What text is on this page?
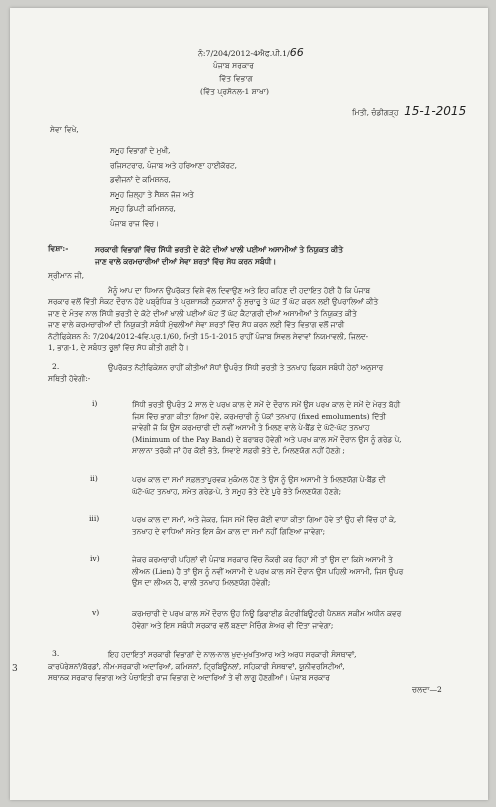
ਨੰ:7/204/2012-4ਐਫ.ਪੀ.1/66
ਪੰਜਾਬ ਸਰਕਾਰ
ਵਿੱਤ ਵਿਭਾਗ
(ਵਿੱਤ ਪ੍ਰਸੋਨਲ-1 ਸ਼ਾਖਾ)
ਮਿਤੀ, ਚੰਡੀਗੜ੍ਹ 15-1-2015
ਸੇਵਾ ਵਿਖੇ,
ਸਮੂਹ ਵਿਭਾਗਾਂ ਦੇ ਮੁਖੀ,
ਰਜਿਸਟਰਾਰ, ਪੰਜਾਬ ਅਤੇ ਹਰਿਆਣਾ ਹਾਈਕੋਰਟ,
ਡਵੀਜਨਾਂ ਦੇ ਕਮਿਸ਼ਨਰ,
ਸਮੂਹ ਜ਼ਿਲ੍ਹਾ ਤੇ ਸੈਸ਼ਨ ਜੱਜ ਅਤੇ
ਸਮੂਹ ਡਿਪਟੀ ਕਮਿਸ਼ਨਰ,
ਪੰਜਾਬ ਰਾਜ ਵਿੱਚ।
ਵਿਸ਼ਾ:-	ਸਰਕਾਰੀ ਵਿਭਾਗਾਂ ਵਿੱਚ ਸਿੱਧੀ ਭਰਤੀ ਦੇ ਕੋਟੇ ਦੀਆਂ ਖਾਲੀ ਪਈਆਂ ਅਸਾਮੀਆਂ ਤੇ ਨਿਯੁਕਤ ਕੀਤੇ
ਜਾਣ ਵਾਲੇ ਕਰਮਚਾਰੀਆਂ ਦੀਆਂ ਸੇਵਾ ਸ਼ਰਤਾਂ ਵਿੱਚ ਸੋਧ ਕਰਨ ਸਬੰਧੀ।
ਸ੍ਰੀਮਾਨ ਜੀ,
ਮੈਨੂੰ ਆਪ ਦਾ ਧਿਆਨ ਉਪਰੋਕਤ ਵਿਸ਼ੇ ਵੱਲ ਦਿਵਾਉਣ ਅਤੇ ਇਹ ਕਹਿਣ ਦੀ ਹਦਾਇਤ ਹੋਈ ਹੈ ਕਿ ਪੰਜਾਬ
ਸਰਕਾਰ ਵਲੋਂ ਵਿੱਤੀ ਸੰਕਟ ਦੌਰਾਨ ਹੋਏ ਪਬ੍ਰੰਧਿਕ ਤੇ ਪ੍ਰਸ਼ਾਸਕੀ ਨੁਕਸਾਨਾਂ ਨੂੰ ਸੁਚਾਰੂ ਤੇ ਘੱਟ ਤੋਂ ਘੱਟ ਕਰਨ ਲਈ ਉਪਰਾਲਿਆਂ ਕੀਤੇ
ਜਾਣ ਦੇ ਮੰਤਵ ਨਾਲ ਸਿੱਧੀ ਭਰਤੀ ਦੇ ਕੋਟੇ ਦੀਆਂ ਖਾਲੀ ਪਈਆਂ ਘੱਟ ਤੋਂ ਘੱਟ ਕੈਟਾਗਰੀ ਦੀਆਂ ਅਸਾਮੀਆਂ ਤੇ ਨਿਯੁਕਤ ਕੀਤੇ
ਜਾਣ ਵਾਲੇ ਕਰਮਚਾਰੀਆਂ ਦੀ ਨਿਯੁਕਤੀ ਸਬੰਧੀ ਮੁੱਢਲੀਆਂ ਸੇਵਾ ਸ਼ਰਤਾਂ ਵਿੱਚ ਸੋਧ ਕਰਨ ਲਈ ਵਿੱਤ ਵਿਭਾਗ ਵਲੋਂ ਜਾਰੀ
ਨੋਟੀਫਿਕੇਸ਼ਨ ਨੰ: 7/204/2012-4ਵਿ.ਪ੍ਰ.1/60, ਮਿਤੀ 15-1-2015 ਰਾਹੀਂ ਪੰਜਾਬ ਸਿਵਲ ਸੇਵਾਵਾਂ ਨਿਯਮਾਵਲੀ, ਜਿਲਦ-
1, ਭਾਗ-1, ਦੇ ਸਬੰਧਤ ਰੂਲਾਂ ਵਿੱਚ ਸੋਧ ਕੀਤੀ ਗਈ ਹੈ।
2.	ਉਪਰੋਕਤ ਨੋਟੀਫਿਕੇਸ਼ਨ ਰਾਹੀਂ ਕੀਤੀਆਂ ਸੋਧਾਂ ਉਪਰੰਤ ਸਿੱਧੀ ਭਰਤੀ ਤੇ ਤਨਖਾਹ ਫਿਕਸ ਸਬੰਧੀ ਹੇਠਾਂ ਅਨੁਸਾਰ
ਸਥਿਤੀ ਹੋਵੇਗੀ:-
i)	ਸਿੱਧੀ ਭਰਤੀ ਉਪਰੰਤ 2 ਸਾਲ ਦੇ ਪਰਖ ਕਾਲ ਦੇ ਸਮੇਂ ਦੇ ਦੌਰਾਨ ਸਮੇਂ ਉਸ ਪਰਖ ਕਾਲ ਦੇ ਸਮੇਂ ਦੇ ਮੇਰਤ ਬੋਹੀ
ਜਿਸ ਵਿੱਚ ਭਾਗਾ ਕੀਤਾ ਗਿਆ ਹੋਵੇ, ਕਰਮਚਾਰੀ ਨੂੰ ਪੱਕਾਂ ਤਨਖਾਹ (fixed emoluments) ਦਿੱਤੀ
ਜਾਵੇਗੀ ਜੋ ਕਿ ਉਸ ਕਰਮਚਾਰੀ ਦੀ ਨਵੀਂ ਅਸਾਮੀ ਤੇ ਮਿਲਣ ਵਾਲੇ ਪੇ-ਬੈਂਡ ਦੇ ਘੱਟੋ-ਘੱਟ ਤਨਖਾਹ
(Minimum of the Pay Band) ਦੇ ਬਰਾਬਰ ਹੋਵੇਗੀ ਅਤੇ ਪਰਖ ਕਾਲ ਸਮੇਂ ਦੌਰਾਨ ਉਸ ਨੂੰ ਗਰੇਡ ਪੇ,
ਸਾਲਾਨਾ ਤਰੱਕੀ ਜਾਂ ਹੋਰ ਕੋਈ ਭੱਤੇ, ਸਿਵਾਏ ਸਫ਼ਰੀ ਭੱਤੇ ਦੇ, ਮਿਲਣਯੋਗ ਨਹੀਂ ਹੋਣਗੇ ;
ii)	ਪਰਖ ਕਾਲ ਦਾ ਸਮਾਂ ਸਫ਼ਲਤਾਪੂਰਵਕ ਮੁਕੰਮਲ ਹੋਣ ਤੇ ਉਸ ਨੂੰ ਉਸ ਅਸਾਮੀ ਤੇ ਮਿਲਣਯੋਗ ਪੇ-ਬੈਂਡ ਦੀ
ਘੱਟੋ-ਘੱਟ ਤਨਖਾਹ, ਸਮੇਤ ਗਰੇਡ-ਪੇ, ਤੇ ਸਮੂਹ ਭੱਤੇ ਦੇਣੇ ਪੂਰੇ ਭੱਤੇ ਮਿਲਣਯੋਗ ਹੋਣਗੇ;
iii)	ਪਰਖ ਕਾਲ ਦਾ ਸਮਾਂ, ਅਤੇ ਜੇਕਰ, ਜਿਸ ਸਮੇਂ ਵਿੱਚ ਕੋਈ ਵਾਧਾ ਕੀਤਾ ਗਿਆ ਹੋਵੇ ਤਾਂ ਉਹ ਵੀ ਵਿੱਚ ਹਾਂ ਕੇ,
ਤਨਖਾਹ ਦੇ ਵਾਧਿਆਂ ਸਮੇਤ ਇਸ ਕੰਮ ਕਾਲ ਦਾ ਸਮਾਂ ਨਹੀਂ ਗਿਣਿਆ ਜਾਵੇਗਾ;
iv)	ਜੇਕਰ ਕਰਮਚਾਰੀ ਪਹਿਲਾਂ ਵੀ ਪੰਜਾਬ ਸਰਕਾਰ ਵਿੱਚ ਨੌਕਰੀ ਕਰ ਰਿਹਾ ਸੀ ਤਾਂ ਉਸ ਦਾ ਕਿਸੇ ਅਸਾਮੀ ਤੇ
ਲੀਅਨ (Lien) ਹੈ ਤਾਂ ਉਸ ਨੂੰ ਨਵੀਂ ਅਸਾਮੀ ਦੇ ਪਰਖ ਕਾਲ ਸਮੇਂ ਦੌਰਾਨ ਉਸ ਪਹਿਲੀ ਅਸਾਮੀ, ਜਿਸ ਉਪਰ
ਉਸ ਦਾ ਲੀਅਨ ਹੈ, ਵਾਲੀ ਤਨਖਾਹ ਮਿਲਣਯੋਗ ਹੋਵੇਗੀ;
v)	ਕਰਮਚਾਰੀ ਦੇ ਪਰਖ ਕਾਲ ਸਮੇਂ ਦੌਰਾਨ ਉਹ ਨਿਊ ਡਿਫਾਈਡ ਕੰਟਰੀਬਿਊਟਰੀ ਪੈਨਸ਼ਨ ਸਕੀਮ ਅਧੀਨ ਕਵਰ
ਹੋਵੇਗਾ ਅਤੇ ਇਸ ਸਬੰਧੀ ਸਰਕਾਰ ਵਲੋਂ ਬਣਦਾ ਮੈਚਿੰਗ ਸ਼ੇਅਰ ਵੀ ਦਿੱਤਾ ਜਾਵੇਗਾ;
3.	ਇਹ ਹਦਾਇਤਾਂ ਸਰਕਾਰੀ ਵਿਭਾਗਾਂ ਦੇ ਨਾਲ-ਨਾਲ ਖੁਦ-ਮੁਖਤਿਆਰ ਅਤੇ ਅਰਧ ਸਰਕਾਰੀ ਸੰਸਥਾਵਾਂ,
ਕਾਰਪੋਰੇਸ਼ਨਾਂ/ਬੋਰਡਾਂ, ਨੀਮ-ਸਰਕਾਰੀ ਅਦਾਰਿਆਂ, ਕਮਿਸ਼ਨਾਂ, ਟ੍ਰਿਬਿਊਨਲਾਂ, ਸਹਿਕਾਰੀ ਸੰਸਥਾਵਾਂ, ਯੂਨੀਵਰਸਿਟੀਆਂ,
ਸਥਾਨਕ ਸਰਕਾਰ ਵਿਭਾਗ ਅਤੇ ਪੰਚਾਇਤੀ ਰਾਜ ਵਿਭਾਗ ਦੇ ਅਦਾਰਿਆਂ ਤੇ ਵੀ ਲਾਗੂ ਹੋਣਗੀਆਂ। ਪੰਜਾਬ ਸਰਕਾਰ
ਚਲਦਾ—2
3
